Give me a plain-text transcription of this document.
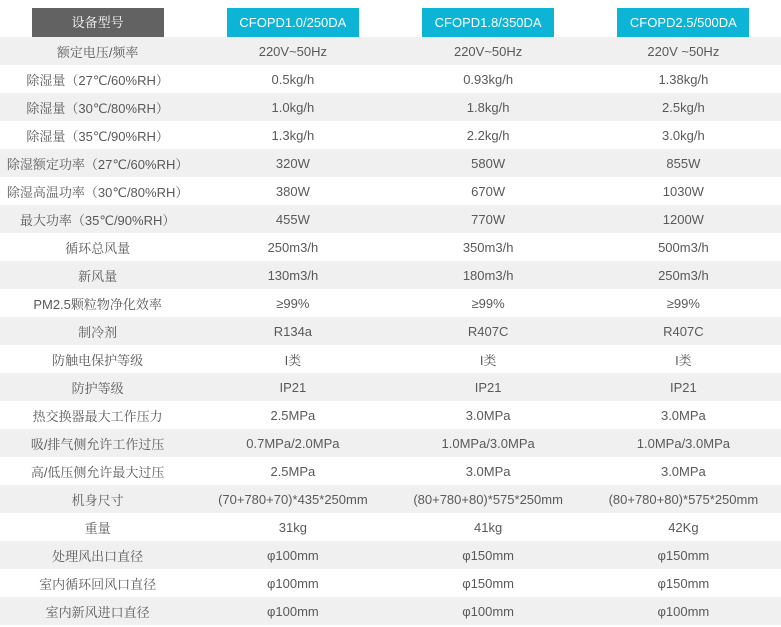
设备型号	CFOPD1.0/250DA	CFOPD1.8/350DA	CFOPD2.5/500DA
额定电压/频率	220V~50Hz	220V~50Hz	220V ~50Hz
除湿量（27℃/60%RH）	0.5kg/h	0.93kg/h	1.38kg/h
除湿量（30℃/80%RH）	1.0kg/h	1.8kg/h	2.5kg/h
除湿量（35℃/90%RH）	1.3kg/h	2.2kg/h	3.0kg/h
除湿额定功率（27℃/60%RH）	320W	580W	855W
除湿高温功率（30℃/80%RH）	380W	670W	1030W
最大功率（35℃/90%RH）	455W	770W	1200W
循环总风量	250m3/h	350m3/h	500m3/h
新风量	130m3/h	180m3/h	250m3/h
PM2.5颗粒物净化效率	≥99%	≥99%	≥99%
制冷剂	R134a	R407C	R407C
防触电保护等级	I类	I类	I类
防护等级	IP21	IP21	IP21
热交换器最大工作压力	2.5MPa	3.0MPa	3.0MPa
吸/排气侧允许工作过压	0.7MPa/2.0MPa	1.0MPa/3.0MPa	1.0MPa/3.0MPa
高/低压侧允许最大过压	2.5MPa	3.0MPa	3.0MPa
机身尺寸	(70+780+70)*435*250mm	(80+780+80)*575*250mm	(80+780+80)*575*250mm
重量	31kg	41kg	42Kg
处理风出口直径	φ100mm	φ150mm	φ150mm
室内循环回风口直径	φ100mm	φ150mm	φ150mm
室内新风进口直径	φ100mm	φ100mm	φ100mm
